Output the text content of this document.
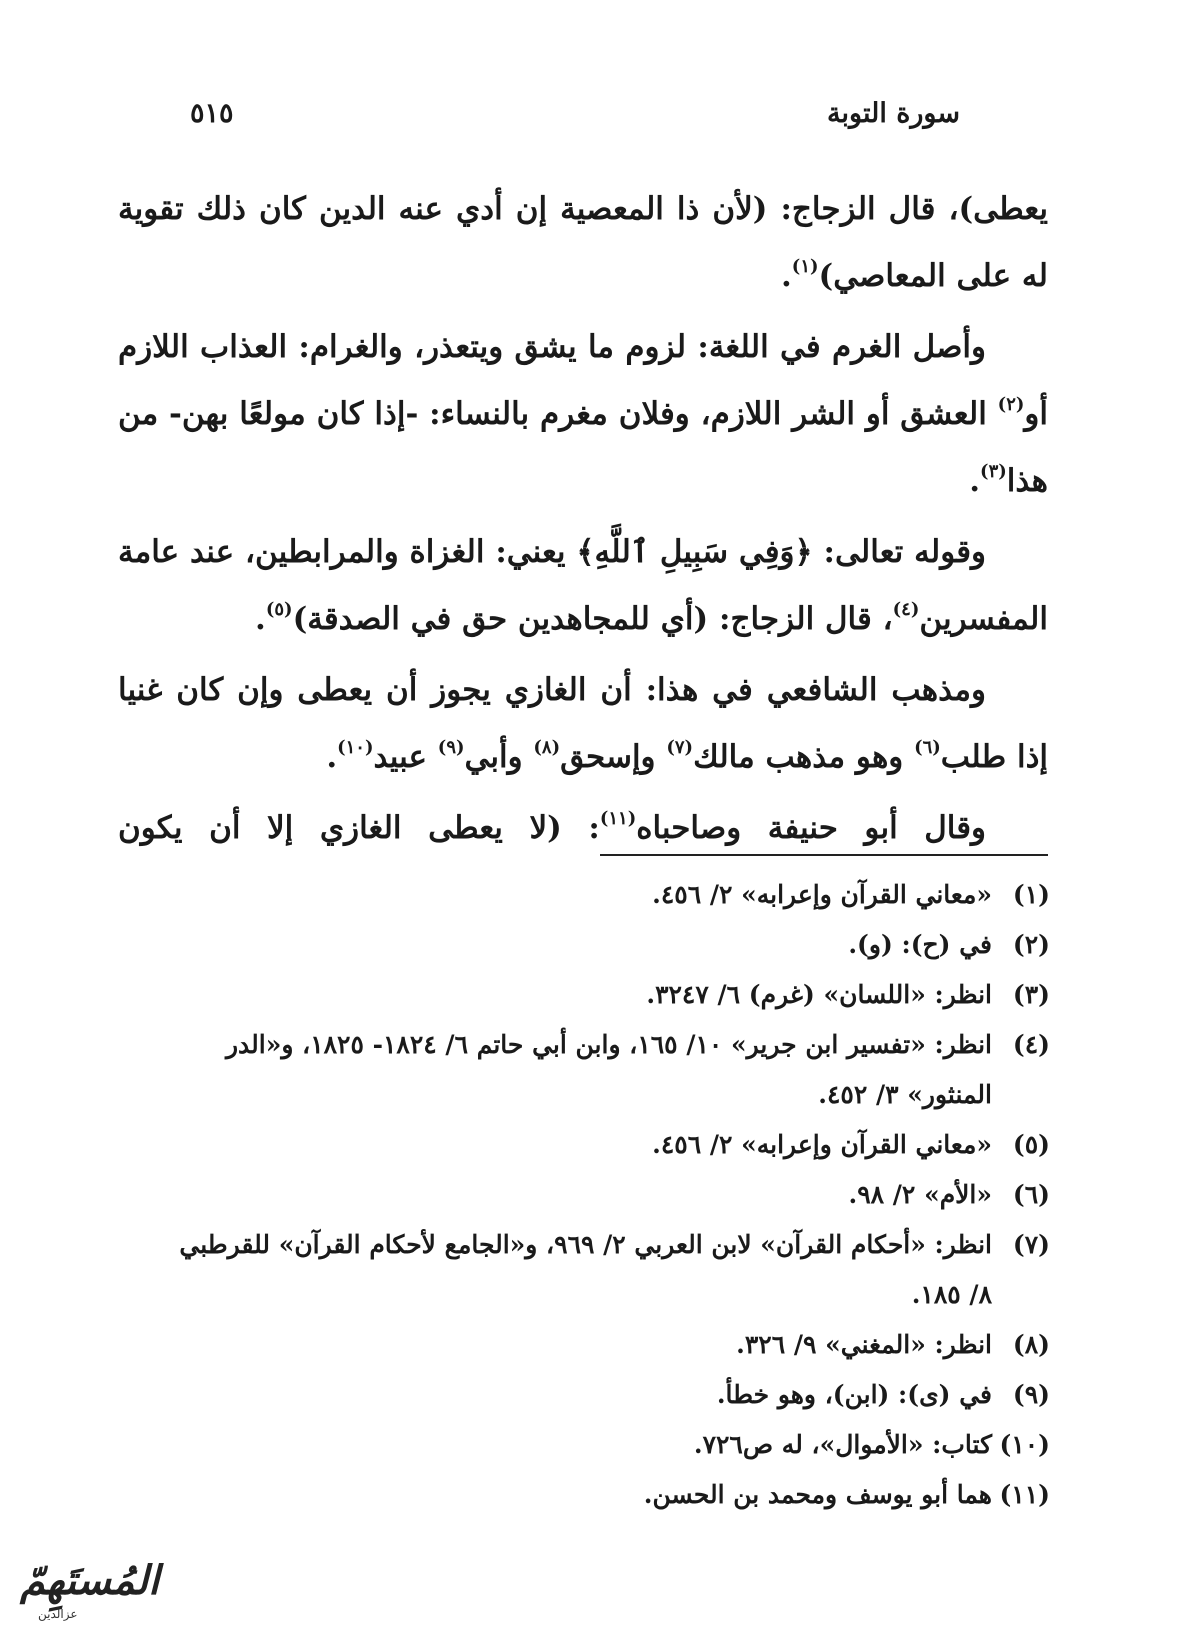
سورة التوبة
٥١٥

يعطى)، قال الزجاج: (لأن ذا المعصية إن أدي عنه الدين كان ذلك تقوية له على المعاصي)$^{(١)}$.

وأصل الغرم في اللغة: لزوم ما يشق ويتعذر، والغرام: العذاب اللازم أو$^{(٢)}$ العشق أو الشر اللازم، وفلان مغرم بالنساء: -إذا كان مولعًا بهن- من هذا$^{(٣)}$.

وقوله تعالى: ﴿وَفِي سَبِيلِ ٱللَّهِ﴾ يعني: الغزاة والمرابطين، عند عامة المفسرين$^{(٤)}$، قال الزجاج: (أي للمجاهدين حق في الصدقة)$^{(٥)}$.

ومذهب الشافعي في هذا: أن الغازي يجوز أن يعطى وإن كان غنيا إذا طلب$^{(٦)}$ وهو مذهب مالك$^{(٧)}$ وإسحق$^{(٨)}$ وأبي$^{(٩)}$ عبيد$^{(١٠)}$.

وقال أبو حنيفة وصاحباه$^{(١١)}$: (لا يعطى الغازي إلا أن يكون

(١)«معاني القرآن وإعرابه» ٢/ ٤٥٦.

(٢)في (ح): (و).

(٣)انظر: «اللسان» (غرم) ٦/ ٣٢٤٧.

(٤)انظر: «تفسير ابن جرير» ١٠/ ١٦٥، وابن أبي حاتم ٦/ ١٨٢٤- ١٨٢٥، و«الدر
المنثور» ٣/ ٤٥٢.

(٥)«معاني القرآن وإعرابه» ٢/ ٤٥٦.

(٦)«الأم» ٢/ ٩٨.

(٧)انظر: «أحكام القرآن» لابن العربي ٢/ ٩٦٩، و«الجامع لأحكام القرآن» للقرطبي
٨/ ١٨٥.

(٨)انظر: «المغني» ٩/ ٣٢٦.

(٩)في (ى): (ابن)، وهو خطأ.

(١٠)كتاب: «الأموال»، له ص٧٢٦.

(١١)هما أبو يوسف ومحمد بن الحسن.

المُستَهِمّ
عزالدين
